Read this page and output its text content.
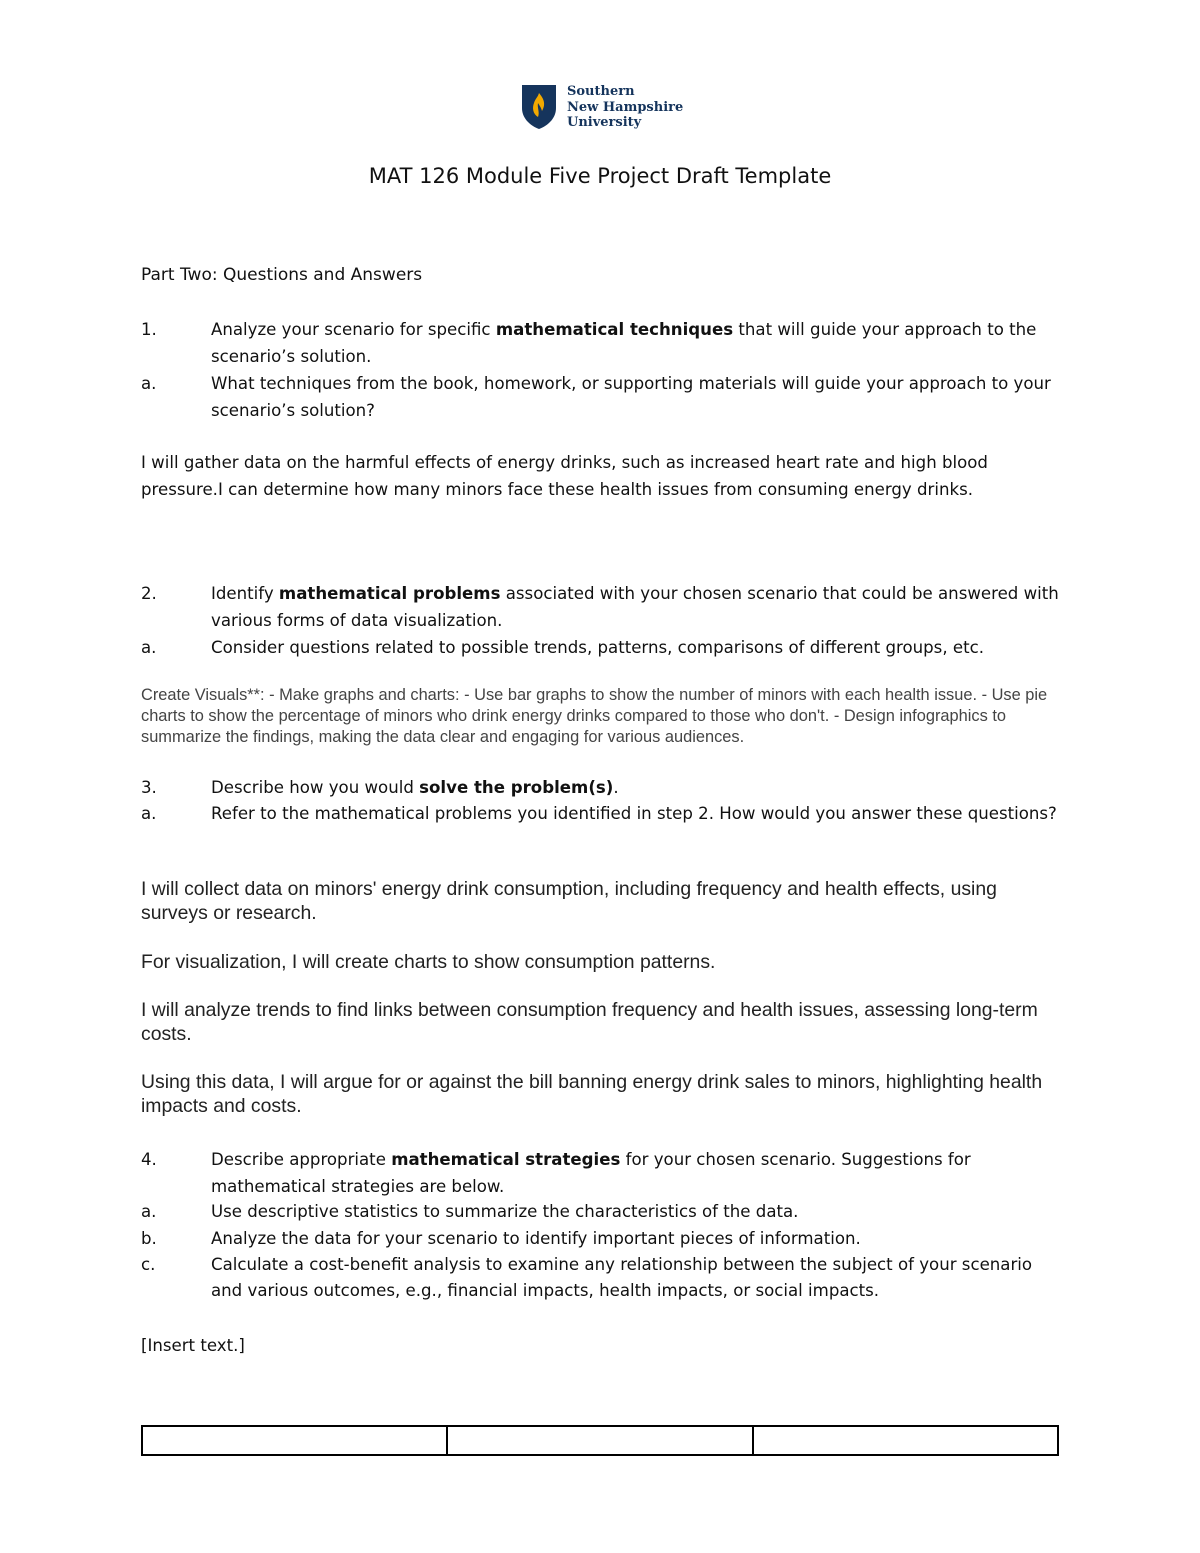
Southern
New Hampshire
University
MAT 126 Module Five Project Draft Template
Part Two: Questions and Answers
1.	Analyze your scenario for specific mathematical techniques that will guide your approach to the scenario’s solution.
a.	What techniques from the book, homework, or supporting materials will guide your approach to your scenario’s solution?
I will gather data on the harmful effects of energy drinks, such as increased heart rate and high blood pressure.I can determine how many minors face these health issues from consuming energy drinks.
2.	Identify mathematical problems associated with your chosen scenario that could be answered with various forms of data visualization.
a.	Consider questions related to possible trends, patterns, comparisons of different groups, etc.
Create Visuals**: - Make graphs and charts: - Use bar graphs to show the number of minors with each health issue. - Use pie charts to show the percentage of minors who drink energy drinks compared to those who don't. - Design infographics to summarize the findings, making the data clear and engaging for various audiences.
3.	Describe how you would solve the problem(s).
a.	Refer to the mathematical problems you identified in step 2. How would you answer these questions?
I will collect data on minors' energy drink consumption, including frequency and health effects, using surveys or research.
For visualization, I will create charts to show consumption patterns.
I will analyze trends to find links between consumption frequency and health issues, assessing long-term costs.
Using this data, I will argue for or against the bill banning energy drink sales to minors, highlighting health impacts and costs.
4.	Describe appropriate mathematical strategies for your chosen scenario. Suggestions for mathematical strategies are below.
a.	Use descriptive statistics to summarize the characteristics of the data.
b.	Analyze the data for your scenario to identify important pieces of information.
c.	Calculate a cost-benefit analysis to examine any relationship between the subject of your scenario and various outcomes, e.g., financial impacts, health impacts, or social impacts.
[Insert text.]
